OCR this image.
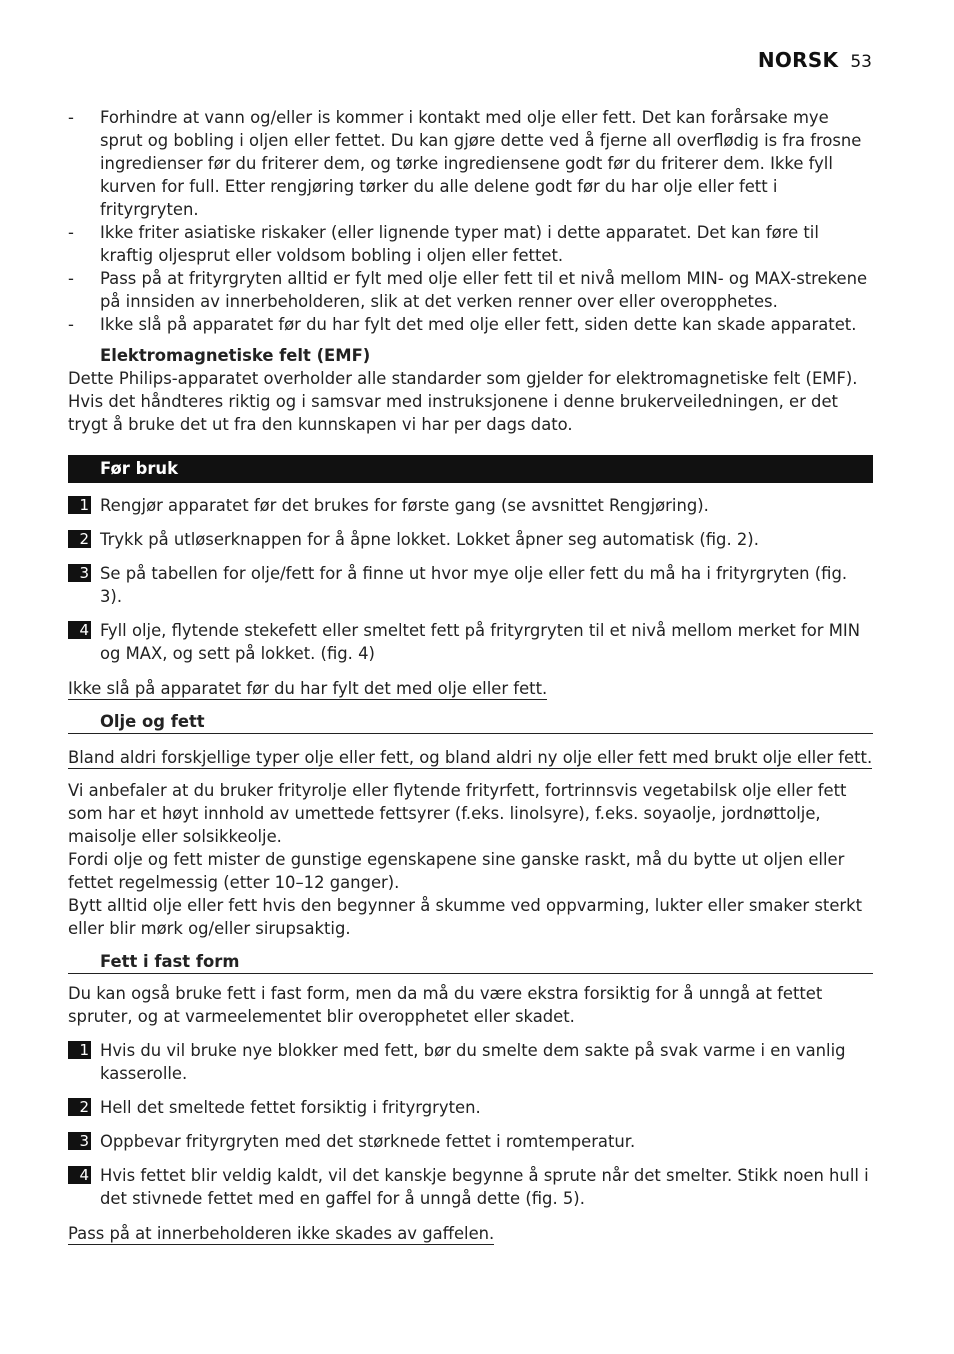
NORSK 53
- Forhindre at vann og/eller is kommer i kontakt med olje eller fett. Det kan forårsake mye sprut og bobling i oljen eller fettet. Du kan gjøre dette ved å fjerne all overflødig is fra frosne ingredienser før du friterer dem, og tørke ingrediensene godt før du friterer dem. Ikke fyll kurven for full. Etter rengjøring tørker du alle delene godt før du har olje eller fett i frityrgryten.
- Ikke friter asiatiske riskaker (eller lignende typer mat) i dette apparatet. Det kan føre til kraftig oljesprut eller voldsom bobling i oljen eller fettet.
- Pass på at frityrgryten alltid er fylt med olje eller fett til et nivå mellom MIN- og MAX-strekene på innsiden av innerbeholderen, slik at det verken renner over eller overopphetes.
- Ikke slå på apparatet før du har fylt det med olje eller fett, siden dette kan skade apparatet.
Elektromagnetiske felt (EMF)
Dette Philips-apparatet overholder alle standarder som gjelder for elektromagnetiske felt (EMF). Hvis det håndteres riktig og i samsvar med instruksjonene i denne brukerveiledningen, er det trygt å bruke det ut fra den kunnskapen vi har per dags dato.
Før bruk
1 Rengjør apparatet før det brukes for første gang (se avsnittet Rengjøring).
2 Trykk på utløserknappen for å åpne lokket. Lokket åpner seg automatisk (fig. 2).
3 Se på tabellen for olje/fett for å finne ut hvor mye olje eller fett du må ha i frityrgryten (fig. 3).
4 Fyll olje, flytende stekefett eller smeltet fett på frityrgryten til et nivå mellom merket for MIN og MAX, og sett på lokket. (fig. 4)
Ikke slå på apparatet før du har fylt det med olje eller fett.
Olje og fett
Bland aldri forskjellige typer olje eller fett, og bland aldri ny olje eller fett med brukt olje eller fett.
Vi anbefaler at du bruker frityrolje eller flytende frityrfett, fortrinnsvis vegetabilsk olje eller fett som har et høyt innhold av umettede fettsyrer (f.eks. linolsyre), f.eks. soyaolje, jordnøttolje, maisolje eller solsikkeolje.
Fordi olje og fett mister de gunstige egenskapene sine ganske raskt, må du bytte ut oljen eller fettet regelmessig (etter 10–12 ganger).
Bytt alltid olje eller fett hvis den begynner å skumme ved oppvarming, lukter eller smaker sterkt eller blir mørk og/eller sirupsaktig.
Fett i fast form
Du kan også bruke fett i fast form, men da må du være ekstra forsiktig for å unngå at fettet spruter, og at varmeelementet blir overopphetet eller skadet.
1 Hvis du vil bruke nye blokker med fett, bør du smelte dem sakte på svak varme i en vanlig kasserolle.
2 Hell det smeltede fettet forsiktig i frityrgryten.
3 Oppbevar frityrgryten med det størknede fettet i romtemperatur.
4 Hvis fettet blir veldig kaldt, vil det kanskje begynne å sprute når det smelter. Stikk noen hull i det stivnede fettet med en gaffel for å unngå dette (fig. 5).
Pass på at innerbeholderen ikke skades av gaffelen.
